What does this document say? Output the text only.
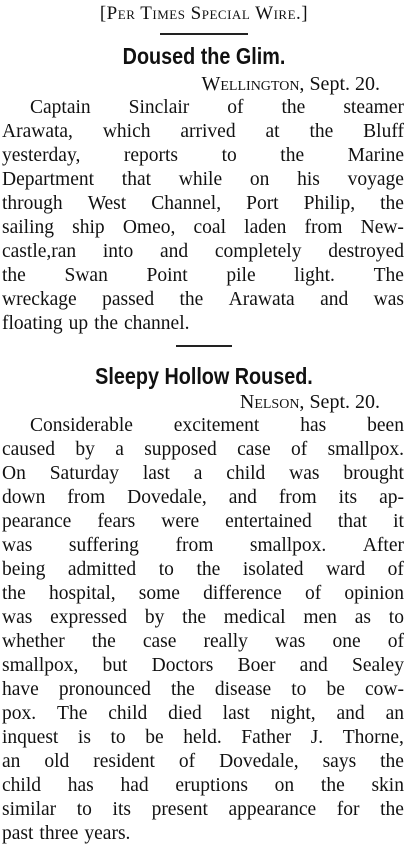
[Per Times Special Wire.]
Doused the Glim.
Wellington, Sept. 20.
Captain Sinclair of the steamer
Arawata, which arrived at the Bluff
yesterday, reports to the Marine
Department that while on his voyage
through West Channel, Port Philip, the
sailing ship Omeo, coal laden from New-
castle,ran into and completely destroyed
the Swan Point pile light. The
wreckage passed the Arawata and was
floating up the channel.
Sleepy Hollow Roused.
Nelson, Sept. 20.
Considerable excitement has been
caused by a supposed case of smallpox.
On Saturday last a child was brought
down from Dovedale, and from its ap-
pearance fears were entertained that it
was suffering from smallpox. After
being admitted to the isolated ward of
the hospital, some difference of opinion
was expressed by the medical men as to
whether the case really was one of
smallpox, but Doctors Boer and Sealey
have pronounced the disease to be cow-
pox. The child died last night, and an
inquest is to be held. Father J. Thorne,
an old resident of Dovedale, says the
child has had eruptions on the skin
similar to its present appearance for the
past three years.
